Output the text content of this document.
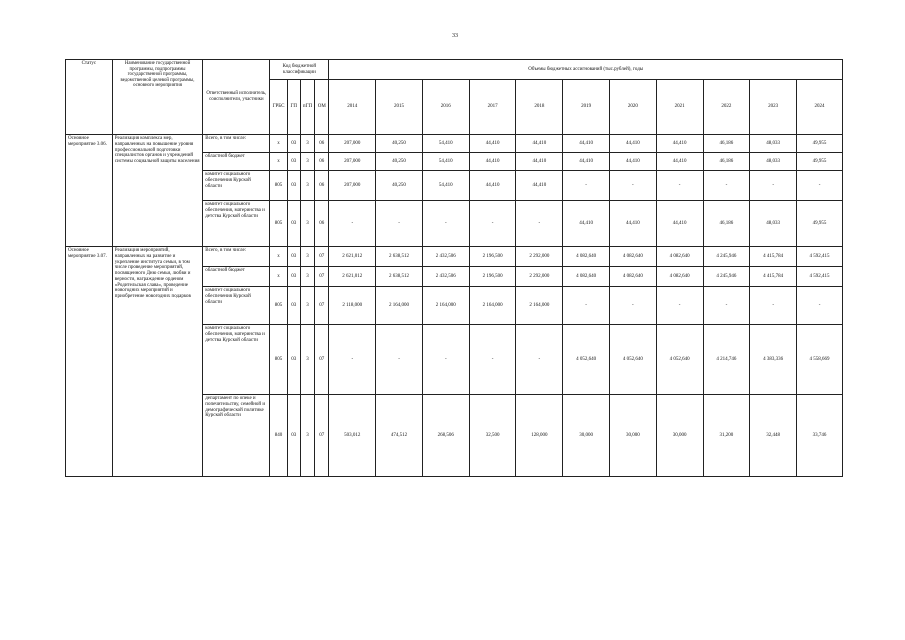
33
Статус	Наименование государственной программы, подпрограммы государственной программы, ведомственной целевой программы, основного мероприятия	Ответственный исполнитель, соисполнители, участники	Код бюджетной классификации				Объемы бюджетных ассигнований (тыс.рублей), годы										
			ГРБС	ГП	пГП	ОМ	2014	2015	2016	2017	2018	2019	2020	2021	2022	2023	2024
Основное мероприятие 3.06.	Реализация комплекса мер, направленных на повышение уровня профессиональной подготовки специалистов органов и учреждений системы социальной защиты населения	Всего, в том числе:	x	03	3	06	207,000	40,250	54,410	44,410	44,410	44,410	44,410	44,410	46,186	48,033	49,955
		областной бюджет	x	03	3	06	207,000	40,250	54,410	44,410	44,410	44,410	44,410	44,410	46,186	48,033	49,955
		комитет социального обеспечения Курской области	805	03	3	06	207,000	40,250	54,410	44,410	44,410	-	-	-	-	-	-
		комитет социального обеспечения, материнства и детства Курской области	805	03	3	06	-	-	-	-	-	44,410	44,410	44,410	46,186	48,033	49,955
Основное мероприятие 3.07.	Реализация мероприятий, направленных на развитие и укрепление института семьи, в том числе проведение мероприятий, посвященного Дню семьи, любви и верности, награждение орденом «Родительская слава», проведение новогодних мероприятий и приобретение новогодних подарков	Всего, в том числе:	x	03	3	07	2 621,012	2 638,512	2 432,506	2 196,500	2 292,000	4 082,640	4 082,640	4 082,640	4 245,946	4 415,784	4 592,415
		областной бюджет	x	03	3	07	2 621,012	2 638,512	2 432,506	2 196,500	2 292,000	4 082,640	4 082,640	4 082,640	4 245,946	4 415,784	4 592,415
		комитет социального обеспечения Курской области	805	03	3	07	2 118,000	2 164,000	2 164,000	2 164,000	2 164,000	-	-	-	-	-	-
		комитет социального обеспечения, материнства и детства Курской области	805	03	3	07	-	-	-	-	-	4 052,640	4 052,640	4 052,640	4 214,746	4 383,336	4 558,669
		департамент по опеке и попечительству, семейной и демографической политике Курской области	840	03	3	07	503,012	474,512	268,506	32,500	128,000	30,000	30,000	30,000	31,200	32,448	33,746
